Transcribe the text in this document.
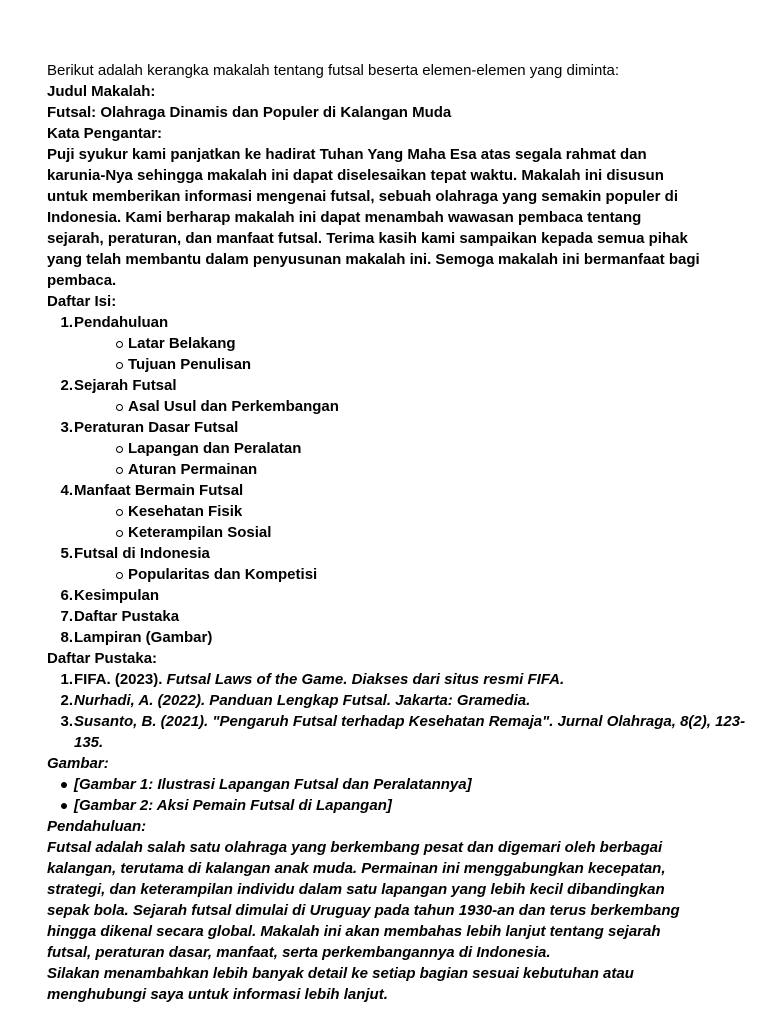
Berikut adalah kerangka makalah tentang futsal beserta elemen-elemen yang diminta:

Judul Makalah:

Futsal: Olahraga Dinamis dan Populer di Kalangan Muda

Kata Pengantar:

Puji syukur kami panjatkan ke hadirat Tuhan Yang Maha Esa atas segala rahmat dan

karunia-Nya sehingga makalah ini dapat diselesaikan tepat waktu. Makalah ini disusun

untuk memberikan informasi mengenai futsal, sebuah olahraga yang semakin populer di

Indonesia. Kami berharap makalah ini dapat menambah wawasan pembaca tentang

sejarah, peraturan, dan manfaat futsal. Terima kasih kami sampaikan kepada semua pihak

yang telah membantu dalam penyusunan makalah ini. Semoga makalah ini bermanfaat bagi

pembaca.

Daftar Isi:

1. Pendahuluan
Latar Belakang
Tujuan Penulisan
2. Sejarah Futsal
Asal Usul dan Perkembangan
3. Peraturan Dasar Futsal
Lapangan dan Peralatan
Aturan Permainan
4. Manfaat Bermain Futsal
Kesehatan Fisik
Keterampilan Sosial
5. Futsal di Indonesia
Popularitas dan Kompetisi
6. Kesimpulan
7. Daftar Pustaka
8. Lampiran (Gambar)

Daftar Pustaka:

1. FIFA. (2023). Futsal Laws of the Game. Diakses dari situs resmi FIFA.
2. Nurhadi, A. (2022). Panduan Lengkap Futsal. Jakarta: Gramedia.
3. Susanto, B. (2021). "Pengaruh Futsal terhadap Kesehatan Remaja". Jurnal Olahraga, 8(2), 123-135.

Gambar:

[Gambar 1: Ilustrasi Lapangan Futsal dan Peralatannya]
[Gambar 2: Aksi Pemain Futsal di Lapangan]

Pendahuluan:

Futsal adalah salah satu olahraga yang berkembang pesat dan digemari oleh berbagai

kalangan, terutama di kalangan anak muda. Permainan ini menggabungkan kecepatan,

strategi, dan keterampilan individu dalam satu lapangan yang lebih kecil dibandingkan

sepak bola. Sejarah futsal dimulai di Uruguay pada tahun 1930-an dan terus berkembang

hingga dikenal secara global. Makalah ini akan membahas lebih lanjut tentang sejarah

futsal, peraturan dasar, manfaat, serta perkembangannya di Indonesia.

Silakan menambahkan lebih banyak detail ke setiap bagian sesuai kebutuhan atau

menghubungi saya untuk informasi lebih lanjut.
